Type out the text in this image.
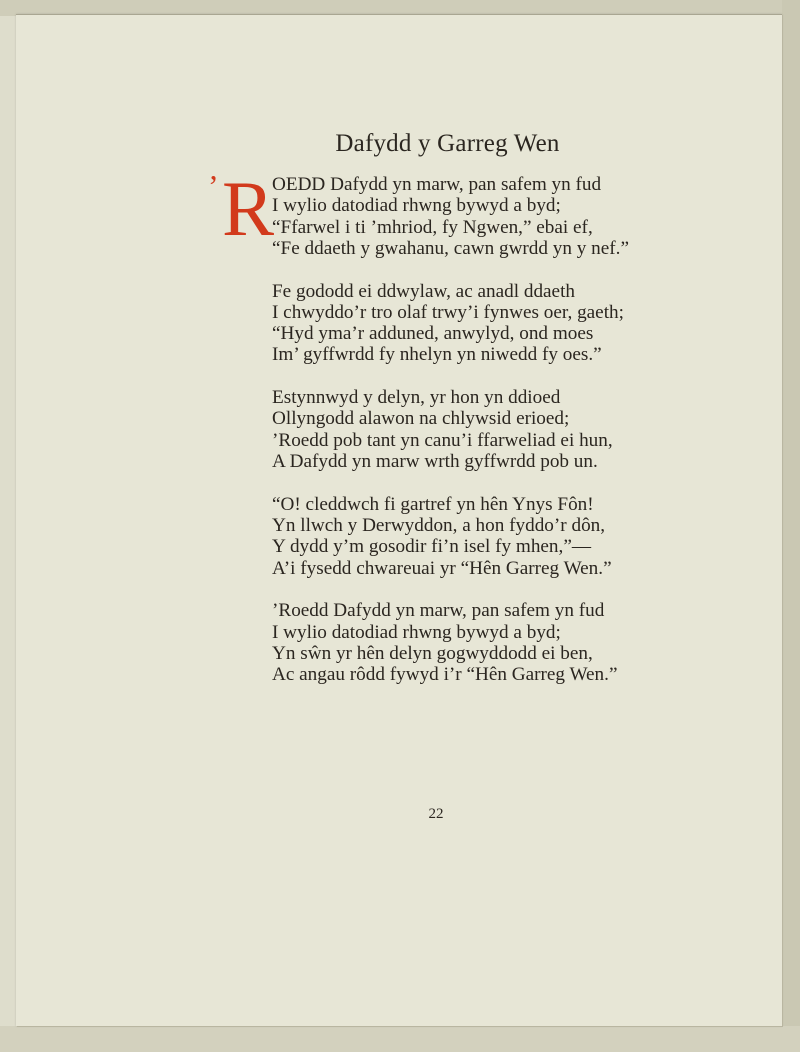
Dafydd y Garreg Wen
’ R
OEDD Dafydd yn marw, pan safem yn fud
I wylio datodiad rhwng bywyd a byd;
“Ffarwel i ti ’mhriod, fy Ngwen,” ebai ef,
“Fe ddaeth y gwahanu, cawn gwrdd yn y nef.”
Fe gododd ei ddwylaw, ac anadl ddaeth
I chwyddo’r tro olaf trwy’i fynwes oer, gaeth;
“Hyd yma’r adduned, anwylyd, ond moes
Im’ gyffwrdd fy nhelyn yn niwedd fy oes.”
Estynnwyd y delyn, yr hon yn ddioed
Ollyngodd alawon na chlywsid erioed;
’Roedd pob tant yn canu’i ffarweliad ei hun,
A Dafydd yn marw wrth gyffwrdd pob un.
“O! cleddwch fi gartref yn hên Ynys Fôn!
Yn llwch y Derwyddon, a hon fyddo’r dôn,
Y dydd y’m gosodir fi’n isel fy mhen,”—
A’i fysedd chwareuai yr “Hên Garreg Wen.”
’Roedd Dafydd yn marw, pan safem yn fud
I wylio datodiad rhwng bywyd a byd;
Yn sŵn yr hên delyn gogwyddodd ei ben,
Ac angau rôdd fywyd i’r “Hên Garreg Wen.”
22
